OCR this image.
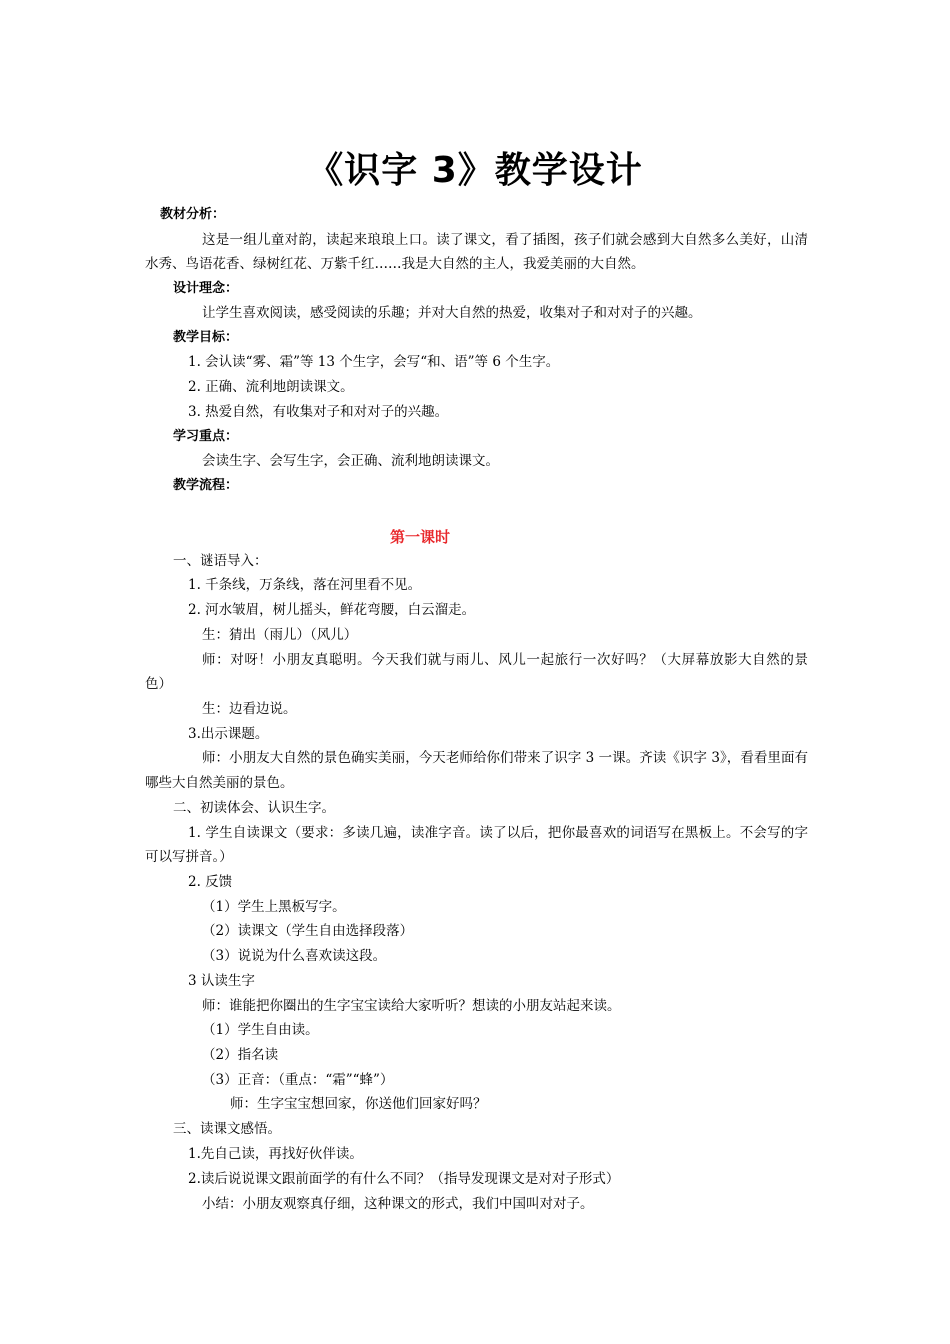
《识字 3》教学设计
教材分析：
这是一组儿童对韵，读起来琅琅上口。读了课文，看了插图，孩子们就会感到大自然多么美好，山清
水秀、鸟语花香、绿树红花、万紫千红……我是大自然的主人，我爱美丽的大自然。
设计理念：
让学生喜欢阅读，感受阅读的乐趣；并对大自然的热爱，收集对子和对对子的兴趣。
教学目标：
1. 会认读“雾、霜”等 13 个生字，会写“和、语”等 6 个生字。
2. 正确、流利地朗读课文。
3. 热爱自然，有收集对子和对对子的兴趣。
学习重点：
会读生字、会写生字，会正确、流利地朗读课文。
教学流程：
第一课时
一、谜语导入：
1. 千条线，万条线，落在河里看不见。
2. 河水皱眉，树儿摇头，鲜花弯腰，白云溜走。
生：猜出（雨儿）（风儿）
师：对呀！小朋友真聪明。今天我们就与雨儿、风儿一起旅行一次好吗？（大屏幕放影大自然的景
色）
生：边看边说。
3.出示课题。
师：小朋友大自然的景色确实美丽，今天老师给你们带来了识字 3 一课。齐读《识字 3》，看看里面有
哪些大自然美丽的景色。
二、初读体会、认识生字。
1. 学生自读课文（要求：多读几遍，读准字音。读了以后，把你最喜欢的词语写在黑板上。不会写的字
可以写拼音。）
2. 反馈
（1）学生上黑板写字。
（2）读课文（学生自由选择段落）
（3）说说为什么喜欢读这段。
3 认读生字
师：谁能把你圈出的生字宝宝读给大家听听？想读的小朋友站起来读。
（1）学生自由读。
（2）指名读
（3）正音：（重点：“霜”“蜂”）
师：生字宝宝想回家，你送他们回家好吗？
三、读课文感悟。
1.先自己读，再找好伙伴读。
2.读后说说课文跟前面学的有什么不同？（指导发现课文是对对子形式）
小结：小朋友观察真仔细，这种课文的形式，我们中国叫对对子。
